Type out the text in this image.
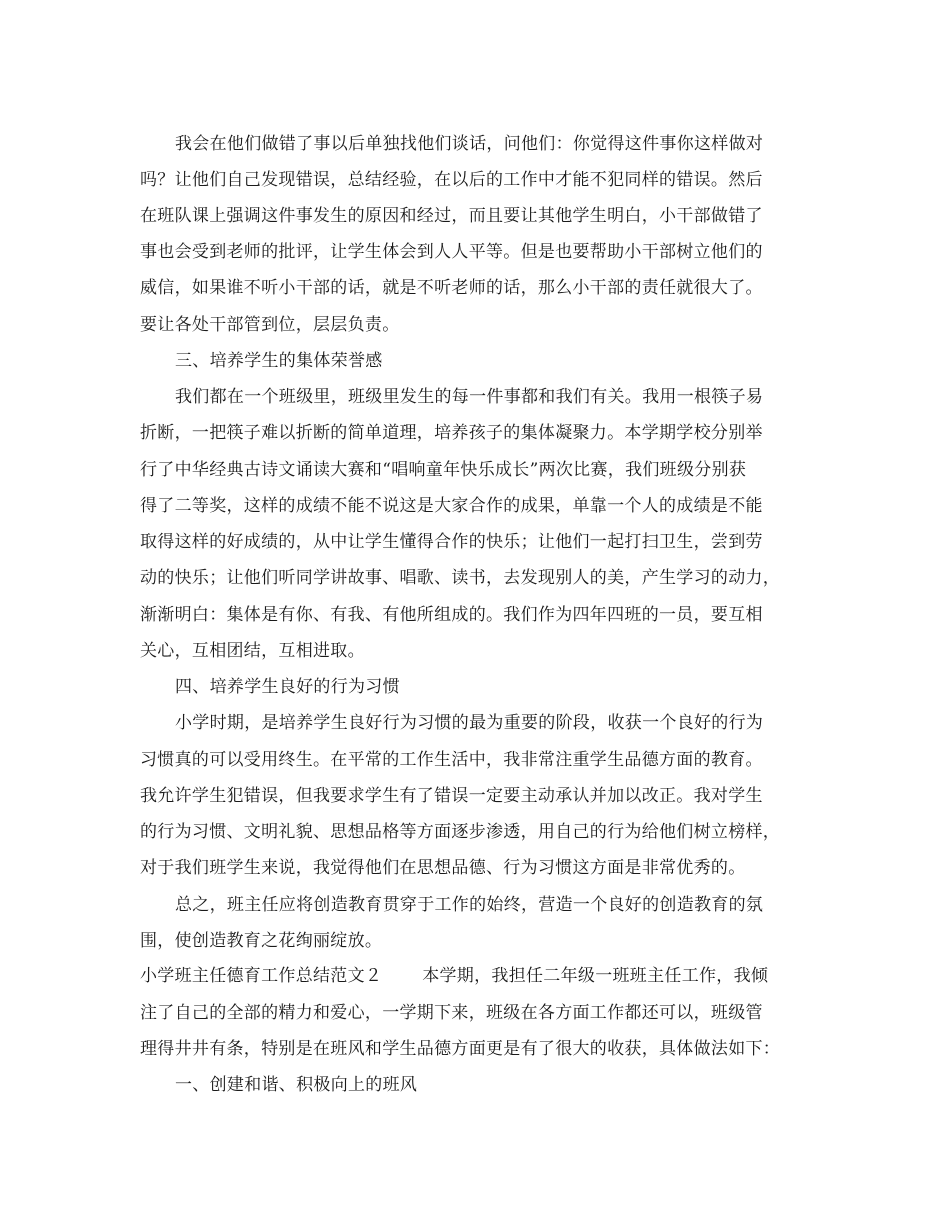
我会在他们做错了事以后单独找他们谈话，问他们：你觉得这件事你这样做对
吗？让他们自己发现错误，总结经验，在以后的工作中才能不犯同样的错误。然后
在班队课上强调这件事发生的原因和经过，而且要让其他学生明白，小干部做错了
事也会受到老师的批评，让学生体会到人人平等。但是也要帮助小干部树立他们的
威信，如果谁不听小干部的话，就是不听老师的话，那么小干部的责任就很大了。
要让各处干部管到位，层层负责。
三、培养学生的集体荣誉感
我们都在一个班级里，班级里发生的每一件事都和我们有关。我用一根筷子易
折断，一把筷子难以折断的简单道理，培养孩子的集体凝聚力。本学期学校分别举
行了中华经典古诗文诵读大赛和“唱响童年快乐成长”两次比赛，我们班级分别获
得了二等奖，这样的成绩不能不说这是大家合作的成果，单靠一个人的成绩是不能
取得这样的好成绩的，从中让学生懂得合作的快乐；让他们一起打扫卫生，尝到劳
动的快乐；让他们听同学讲故事、唱歌、读书，去发现别人的美，产生学习的动力，
渐渐明白：集体是有你、有我、有他所组成的。我们作为四年四班的一员，要互相
关心，互相团结，互相进取。
四、培养学生良好的行为习惯
小学时期，是培养学生良好行为习惯的最为重要的阶段，收获一个良好的行为
习惯真的可以受用终生。在平常的工作生活中，我非常注重学生品德方面的教育。
我允许学生犯错误，但我要求学生有了错误一定要主动承认并加以改正。我对学生
的行为习惯、文明礼貌、思想品格等方面逐步渗透，用自己的行为给他们树立榜样，
对于我们班学生来说，我觉得他们在思想品德、行为习惯这方面是非常优秀的。
总之，班主任应将创造教育贯穿于工作的始终，营造一个良好的创造教育的氛
围，使创造教育之花绚丽绽放。
小学班主任德育工作总结范文２ 本学期，我担任二年级一班班主任工作，我倾
注了自己的全部的精力和爱心，一学期下来，班级在各方面工作都还可以，班级管
理得井井有条，特别是在班风和学生品德方面更是有了很大的收获，具体做法如下：
一、创建和谐、积极向上的班风
